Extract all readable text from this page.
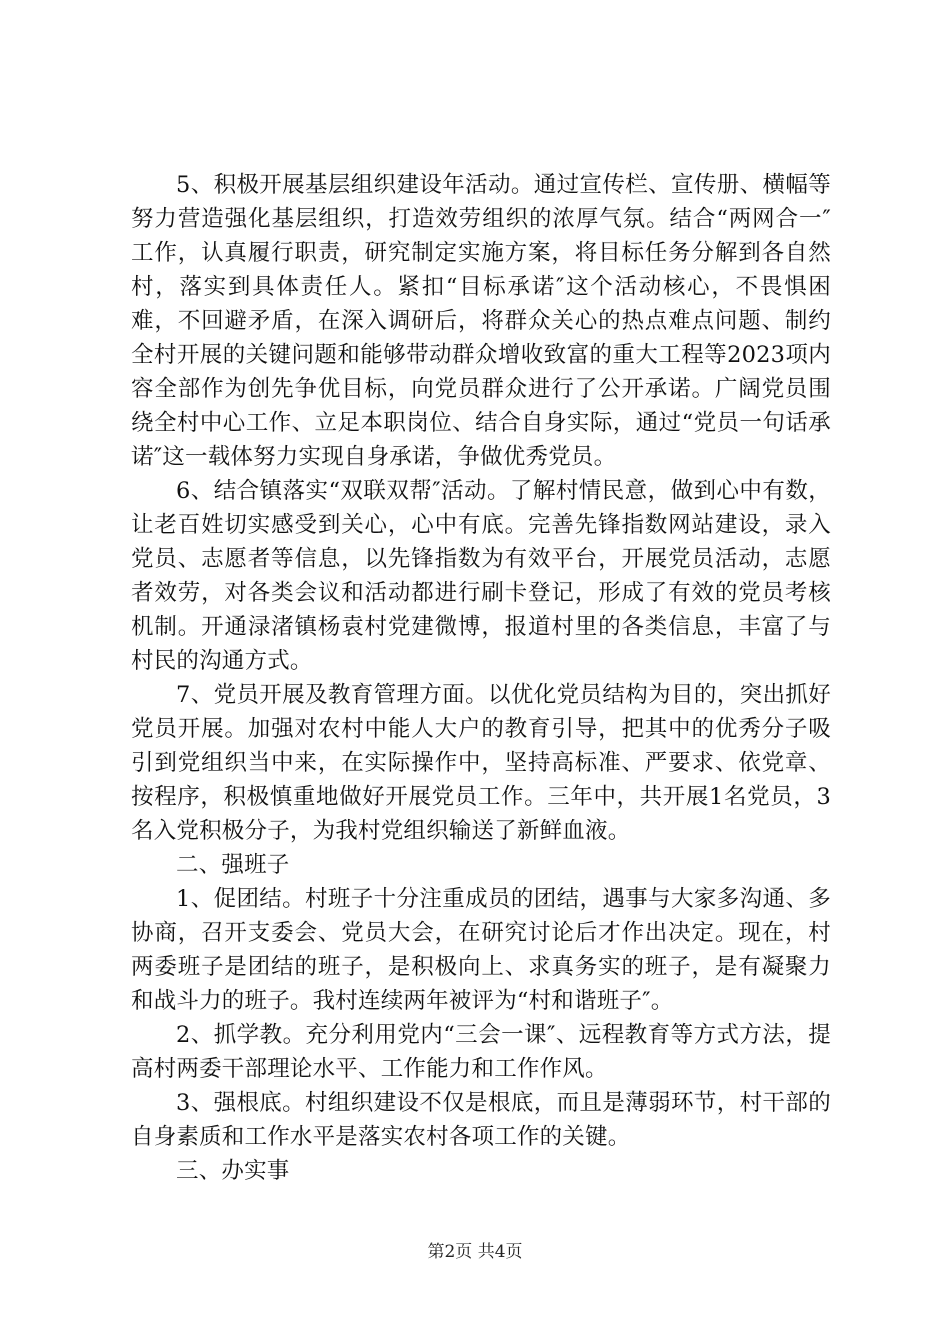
5、积极开展基层组织建设年活动。通过宣传栏、宣传册、横幅等努力营造强化基层组织，打造效劳组织的浓厚气氛。结合“两网合一″工作，认真履行职责，研究制定实施方案，将目标任务分解到各自然村，落实到具体责任人。紧扣“目标承诺″这个活动核心，不畏惧困难，不回避矛盾，在深入调研后，将群众关心的热点难点问题、制约全村开展的关键问题和能够带动群众增收致富的重大工程等2023项内容全部作为创先争优目标，向党员群众进行了公开承诺。广阔党员围绕全村中心工作、立足本职岗位、结合自身实际，通过“党员一句话承诺″这一载体努力实现自身承诺，争做优秀党员。

6、结合镇落实“双联双帮″活动。了解村情民意，做到心中有数，让老百姓切实感受到关心，心中有底。完善先锋指数网站建设，录入党员、志愿者等信息，以先锋指数为有效平台，开展党员活动，志愿者效劳，对各类会议和活动都进行刷卡登记，形成了有效的党员考核机制。开通渌渚镇杨袁村党建微博，报道村里的各类信息，丰富了与村民的沟通方式。

7、党员开展及教育管理方面。以优化党员结构为目的，突出抓好党员开展。加强对农村中能人大户的教育引导，把其中的优秀分子吸引到党组织当中来，在实际操作中，坚持高标准、严要求、依党章、按程序，积极慎重地做好开展党员工作。三年中，共开展1名党员，3名入党积极分子，为我村党组织输送了新鲜血液。

二、强班子

1、促团结。村班子十分注重成员的团结，遇事与大家多沟通、多协商，召开支委会、党员大会，在研究讨论后才作出决定。现在，村两委班子是团结的班子，是积极向上、求真务实的班子，是有凝聚力和战斗力的班子。我村连续两年被评为“村和谐班子″。

2、抓学教。充分利用党内“三会一课″、远程教育等方式方法，提高村两委干部理论水平、工作能力和工作作风。

3、强根底。村组织建设不仅是根底，而且是薄弱环节，村干部的自身素质和工作水平是落实农村各项工作的关键。

三、办实事

第2页 共4页
